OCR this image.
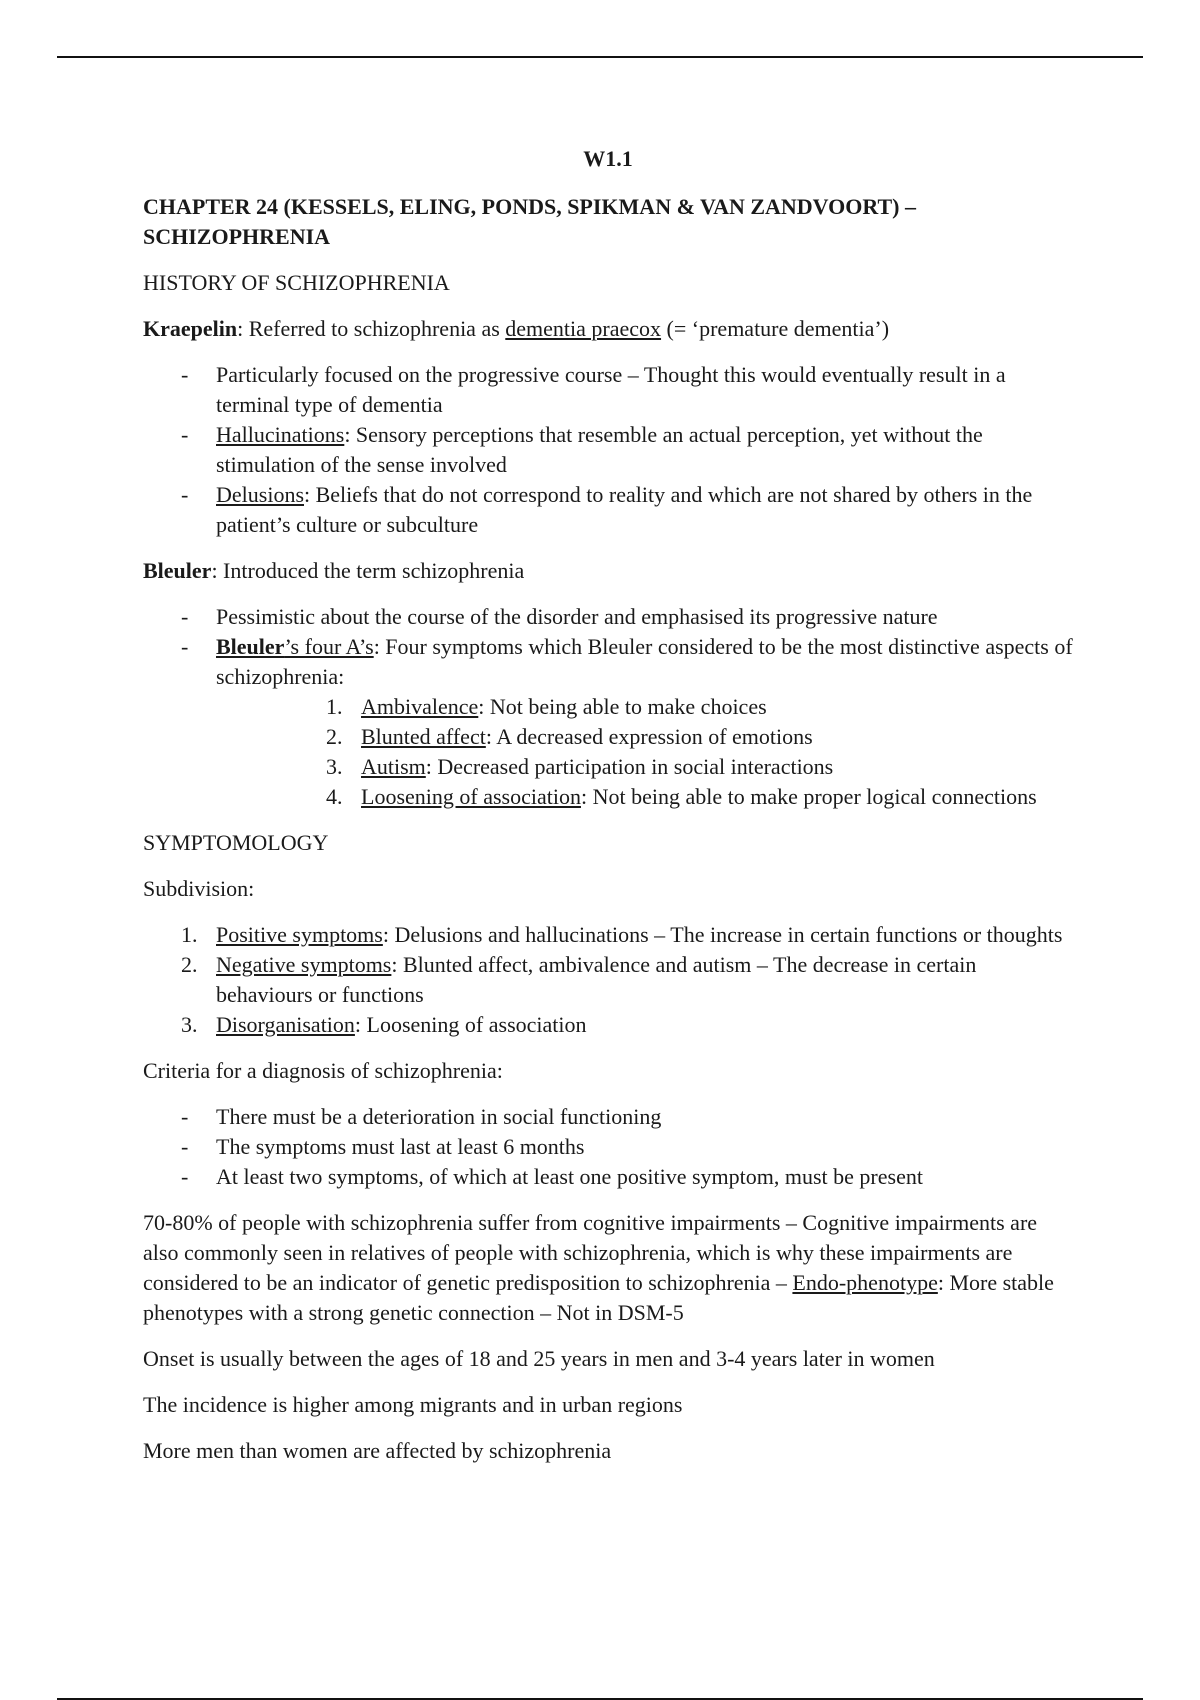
W1.1
CHAPTER 24 (KESSELS, ELING, PONDS, SPIKMAN & VAN ZANDVOORT) – SCHIZOPHRENIA
HISTORY OF SCHIZOPHRENIA

Kraepelin: Referred to schizophrenia as dementia praecox (= ‘premature dementia’)

- Particularly focused on the progressive course – Thought this would eventually result in a terminal type of dementia
- Hallucinations: Sensory perceptions that resemble an actual perception, yet without the stimulation of the sense involved
- Delusions: Beliefs that do not correspond to reality and which are not shared by others in the patient’s culture or subculture

Bleuler: Introduced the term schizophrenia

- Pessimistic about the course of the disorder and emphasised its progressive nature
- Bleuler’s four A’s: Four symptoms which Bleuler considered to be the most distinctive aspects of schizophrenia:
1. Ambivalence: Not being able to make choices
2. Blunted affect: A decreased expression of emotions
3. Autism: Decreased participation in social interactions
4. Loosening of association: Not being able to make proper logical connections
SYMPTOMOLOGY

Subdivision:

1. Positive symptoms: Delusions and hallucinations – The increase in certain functions or thoughts
2. Negative symptoms: Blunted affect, ambivalence and autism – The decrease in certain behaviours or functions
3. Disorganisation: Loosening of association

Criteria for a diagnosis of schizophrenia:

- There must be a deterioration in social functioning
- The symptoms must last at least 6 months
- At least two symptoms, of which at least one positive symptom, must be present

70-80% of people with schizophrenia suffer from cognitive impairments – Cognitive impairments are also commonly seen in relatives of people with schizophrenia, which is why these impairments are considered to be an indicator of genetic predisposition to schizophrenia – Endo-phenotype: More stable phenotypes with a strong genetic connection – Not in DSM-5

Onset is usually between the ages of 18 and 25 years in men and 3-4 years later in women

The incidence is higher among migrants and in urban regions

More men than women are affected by schizophrenia
